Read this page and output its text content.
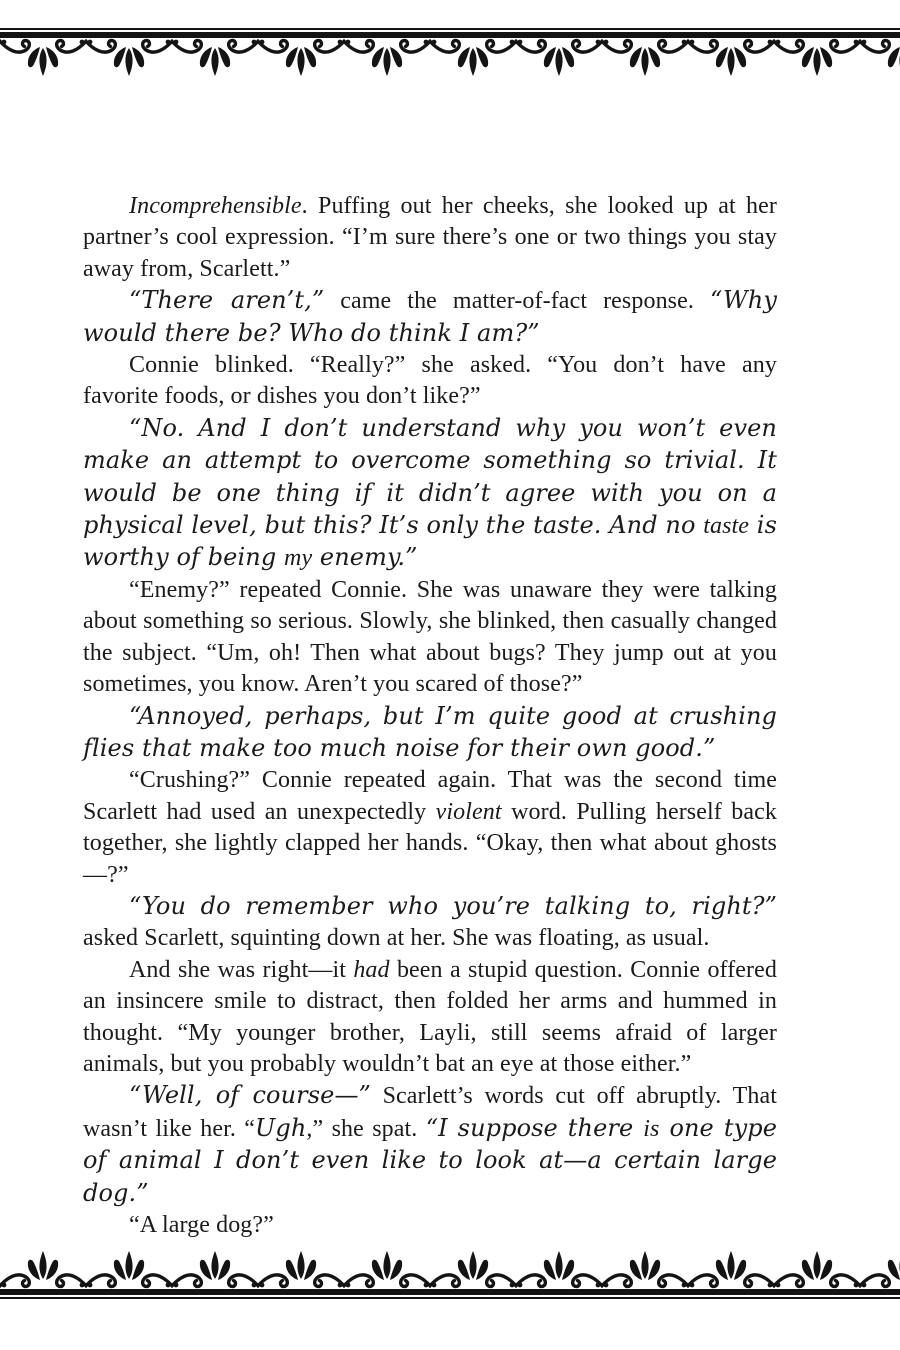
Incomprehensible. Puffing out her cheeks, she looked up at her partner’s cool expression. “I’m sure there’s one or two things you stay away from, Scarlett.”

“There aren’t,” came the matter-of-fact response. “Why would there be? Who do think I am?”

Connie blinked. “Really?” she asked. “You don’t have any favorite foods, or dishes you don’t like?”

“No. And I don’t understand why you won’t even make an attempt to overcome something so trivial. It would be one thing if it didn’t agree with you on a physical level, but this? It’s only the taste. And no taste is worthy of being my enemy.”

“Enemy?” repeated Connie. She was unaware they were talking about something so serious. Slowly, she blinked, then casually changed the subject. “Um, oh! Then what about bugs? They jump out at you sometimes, you know. Aren’t you scared of those?”

“Annoyed, perhaps, but I’m quite good at crushing flies that make too much noise for their own good.”

“Crushing?” Connie repeated again. That was the second time Scarlett had used an unexpectedly violent word. Pulling herself back together, she lightly clapped her hands. “Okay, then what about ghosts—?”

“You do remember who you’re talking to, right?” asked Scarlett, squinting down at her. She was floating, as usual.

And she was right—it had been a stupid question. Connie offered an insincere smile to distract, then folded her arms and hummed in thought. “My younger brother, Layli, still seems afraid of larger animals, but you probably wouldn’t bat an eye at those either.”

“Well, of course—” Scarlett’s words cut off abruptly. That wasn’t like her. “Ugh,” she spat. “I suppose there is one type of animal I don’t even like to look at—a certain large dog.”

“A large dog?”
